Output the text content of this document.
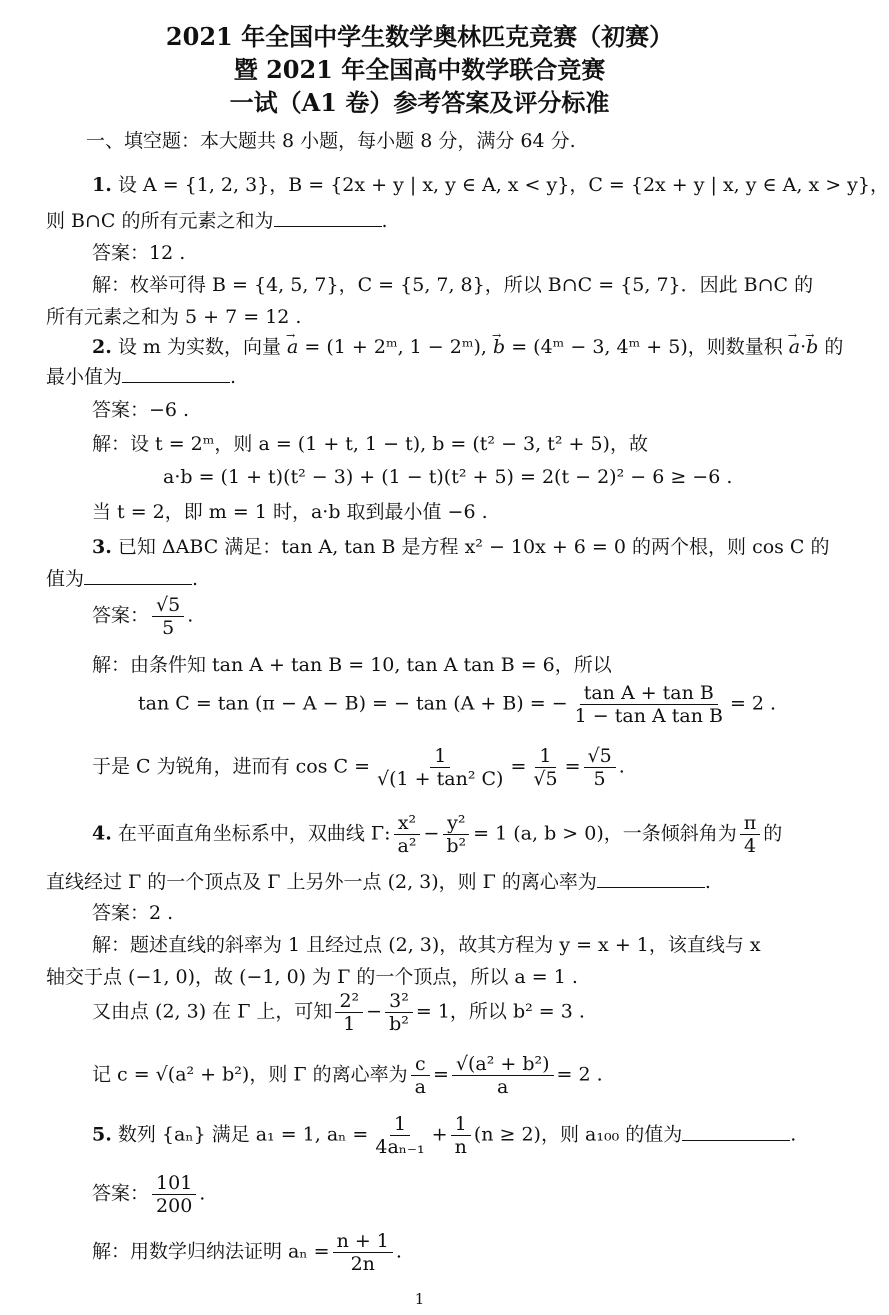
2021 年全国中学生数学奥林匹克竞赛（初赛）
暨 2021 年全国高中数学联合竞赛
一试（A1 卷）参考答案及评分标准
一、填空题：本大题共 8 小题，每小题 8 分，满分 64 分.
1. 设 A = {1, 2, 3}，B = {2x + y | x, y ∈ A, x < y}，C = {2x + y | x, y ∈ A, x > y}，
则 B∩C 的所有元素之和为	.
答案：12 .
解：枚举可得 B = {4, 5, 7}，C = {5, 7, 8}，所以 B∩C = {5, 7}．因此 B∩C 的
所有元素之和为 5 + 7 = 12 .
2. 设 m 为实数，向量 → a = (1 + 2ᵐ, 1 − 2ᵐ), → b = (4ᵐ − 3, 4ᵐ + 5)，则数量积 → a·→ b 的
最小值为	.
答案：−6 .
解：设 t = 2ᵐ，则 a = (1 + t, 1 − t), b = (t² − 3, t² + 5)，故
a·b = (1 + t)(t² − 3) + (1 − t)(t² + 5) = 2(t − 2)² − 6 ≥ −6 .
当 t = 2，即 m = 1 时，a·b 取到最小值 −6 .
3. 已知 ΔABC 满足：tan A, tan B 是方程 x² − 10x + 6 = 0 的两个根，则 cos C 的
值为	.
答案： $\frac{√5}{5}$ .
解：由条件知 tan A + tan B = 10, tan A tan B = 6，所以
tan C = tan (π − A − B) = − tan (A + B) = − $\frac{\text{tan A + tan B}}{\text{1 − tan A tan B}} = 2$ .
于是 C 为锐角，进而有 $\cos C = \frac{1}{\text{√(1 + tan² C)}} = \frac{1}{√5} = \frac{√5}{5}$ .
4. 在平面直角坐标系中，双曲线 Γ: $\frac{\text{x²}}{\text{a²}} - \frac{\text{y²}}{\text{b²}} = 1$ (a, b > 0)，一条倾斜角为 $\frac{\pi}{4}$ 的
直线经过 Γ 的一个顶点及 Γ 上另外一点 (2, 3)，则 Γ 的离心率为	.
答案：2 .
解：题述直线的斜率为 1 且经过点 (2, 3)，故其方程为 y = x + 1，该直线与 x
轴交于点 (−1, 0)，故 (−1, 0) 为 Γ 的一个顶点，所以 a = 1 .
又由点 (2, 3) 在 Γ 上，可知 $\frac{\text{2²}}{1} - \frac{\text{3²}}{\text{b²}} = 1$，所以 b² = 3 .
记 c = √(a² + b²)，则 Γ 的离心率为 $\frac{c}{a} = \frac{\text{√(a² + b²)}}{a} = 2$ .
5. 数列 {aₙ} 满足 a₁ = 1, $a_n = \frac{1}{\text{4aₙ₋₁}} + \frac{1}{n} (n \ge 2)$，则 a₁₀₀ 的值为	.
答案： $\frac{101}{200}$ .
解：用数学归纳法证明 $a_n = \frac{n + 1}{2n}$ .
1
